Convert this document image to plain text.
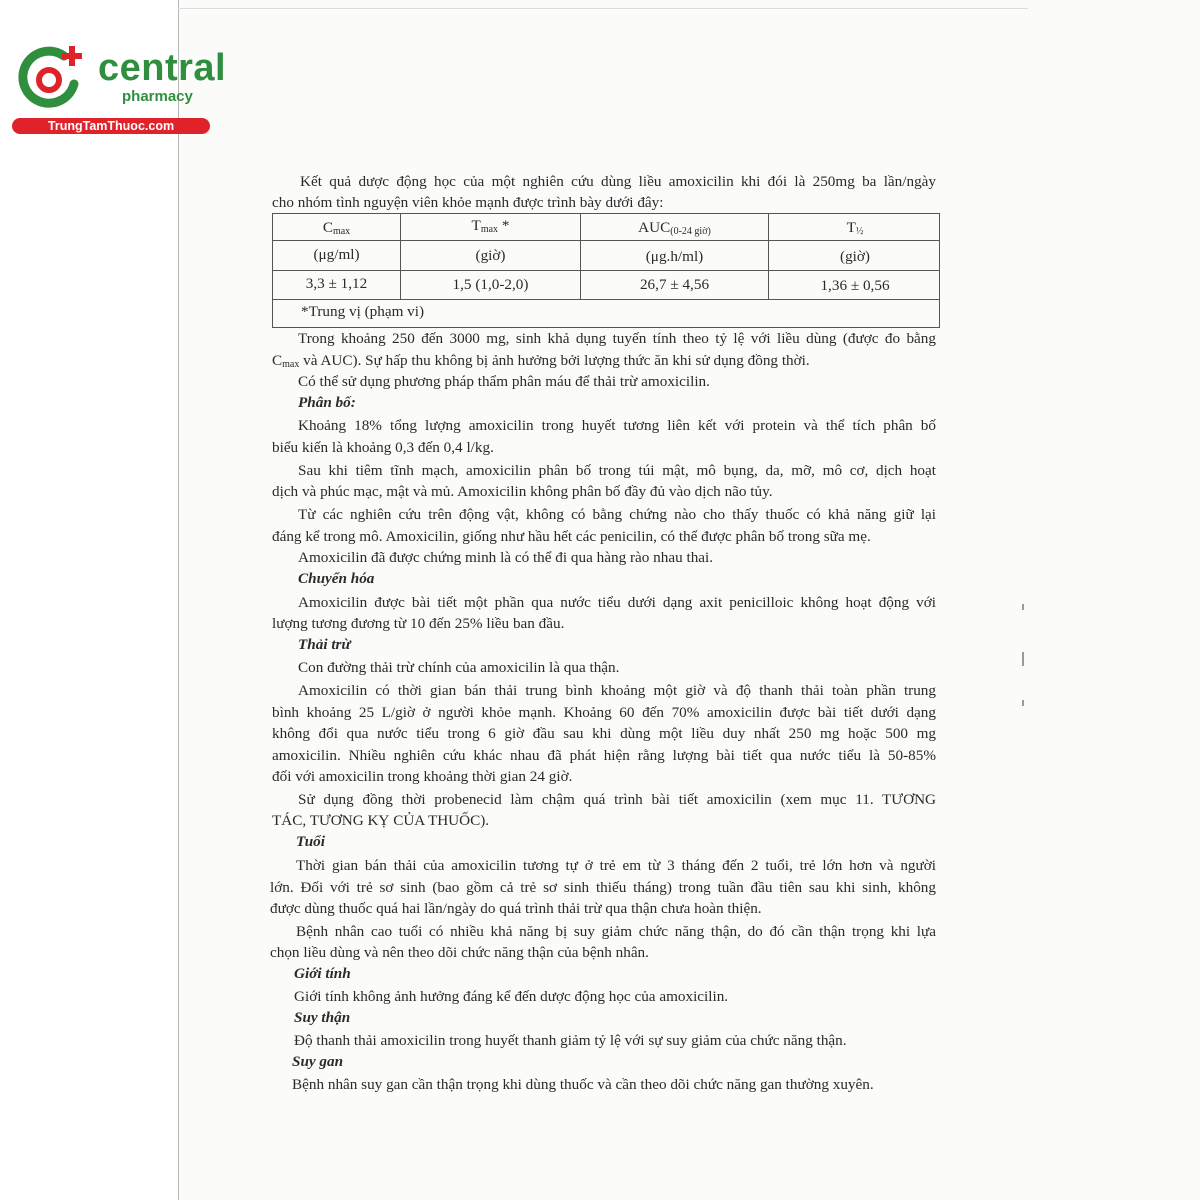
central
pharmacy
TrungTamThuoc.com
Kết quả dược động học của một nghiên cứu dùng liều amoxicilin khi đói là 250mg ba lần/ngày
cho nhóm tình nguyện viên khỏe mạnh được trình bày dưới đây:
$C_{max}$	$T_{max}$ *	$AUC_{(0-24 giờ)}$	$T_{\frac{1}{2}}$
(μg/ml)	(giờ)	(μg.h/ml)	(giờ)
3,3 ± 1,12	1,5 (1,0-2,0)	26,7 ± 4,56	1,36 ± 0,56
*Trung vị (phạm vi)
Trong khoảng 250 đến 3000 mg, sinh khả dụng tuyến tính theo tỷ lệ với liều dùng (được đo bằng
$C_{max}$ và AUC). Sự hấp thu không bị ảnh hưởng bởi lượng thức ăn khi sử dụng đồng thời.
Có thể sử dụng phương pháp thẩm phân máu để thải trừ amoxicilin.
Phân bố:
Khoảng 18% tổng lượng amoxicilin trong huyết tương liên kết với protein và thể tích phân bố
biểu kiến là khoảng 0,3 đến 0,4 l/kg.
Sau khi tiêm tĩnh mạch, amoxicilin phân bố trong túi mật, mô bụng, da, mỡ, mô cơ, dịch hoạt
dịch và phúc mạc, mật và mủ. Amoxicilin không phân bố đầy đủ vào dịch não tủy.
Từ các nghiên cứu trên động vật, không có bằng chứng nào cho thấy thuốc có khả năng giữ lại
đáng kể trong mô. Amoxicilin, giống như hầu hết các penicilin, có thể được phân bố trong sữa mẹ.
Amoxicilin đã được chứng minh là có thể đi qua hàng rào nhau thai.
Chuyển hóa
Amoxicilin được bài tiết một phần qua nước tiểu dưới dạng axit penicilloic không hoạt động với
lượng tương đương từ 10 đến 25% liều ban đầu.
Thải trừ
Con đường thải trừ chính của amoxicilin là qua thận.
Amoxicilin có thời gian bán thải trung bình khoảng một giờ và độ thanh thải toàn phần trung
bình khoảng 25 L/giờ ở người khỏe mạnh. Khoảng 60 đến 70% amoxicilin được bài tiết dưới dạng
không đổi qua nước tiểu trong 6 giờ đầu sau khi dùng một liều duy nhất 250 mg hoặc 500 mg
amoxicilin. Nhiều nghiên cứu khác nhau đã phát hiện rằng lượng bài tiết qua nước tiểu là 50-85%
đối với amoxicilin trong khoảng thời gian 24 giờ.
Sử dụng đồng thời probenecid làm chậm quá trình bài tiết amoxicilin (xem mục 11. TƯƠNG
TÁC, TƯƠNG KỴ CỦA THUỐC).
Tuổi
Thời gian bán thải của amoxicilin tương tự ở trẻ em từ 3 tháng đến 2 tuổi, trẻ lớn hơn và người
lớn. Đối với trẻ sơ sinh (bao gồm cả trẻ sơ sinh thiếu tháng) trong tuần đầu tiên sau khi sinh, không
được dùng thuốc quá hai lần/ngày do quá trình thải trừ qua thận chưa hoàn thiện.
Bệnh nhân cao tuổi có nhiều khả năng bị suy giảm chức năng thận, do đó cần thận trọng khi lựa
chọn liều dùng và nên theo dõi chức năng thận của bệnh nhân.
Giới tính
Giới tính không ảnh hưởng đáng kể đến dược động học của amoxicilin.
Suy thận
Độ thanh thải amoxicilin trong huyết thanh giảm tỷ lệ với sự suy giảm của chức năng thận.
Suy gan
Bệnh nhân suy gan cần thận trọng khi dùng thuốc và cần theo dõi chức năng gan thường xuyên.
